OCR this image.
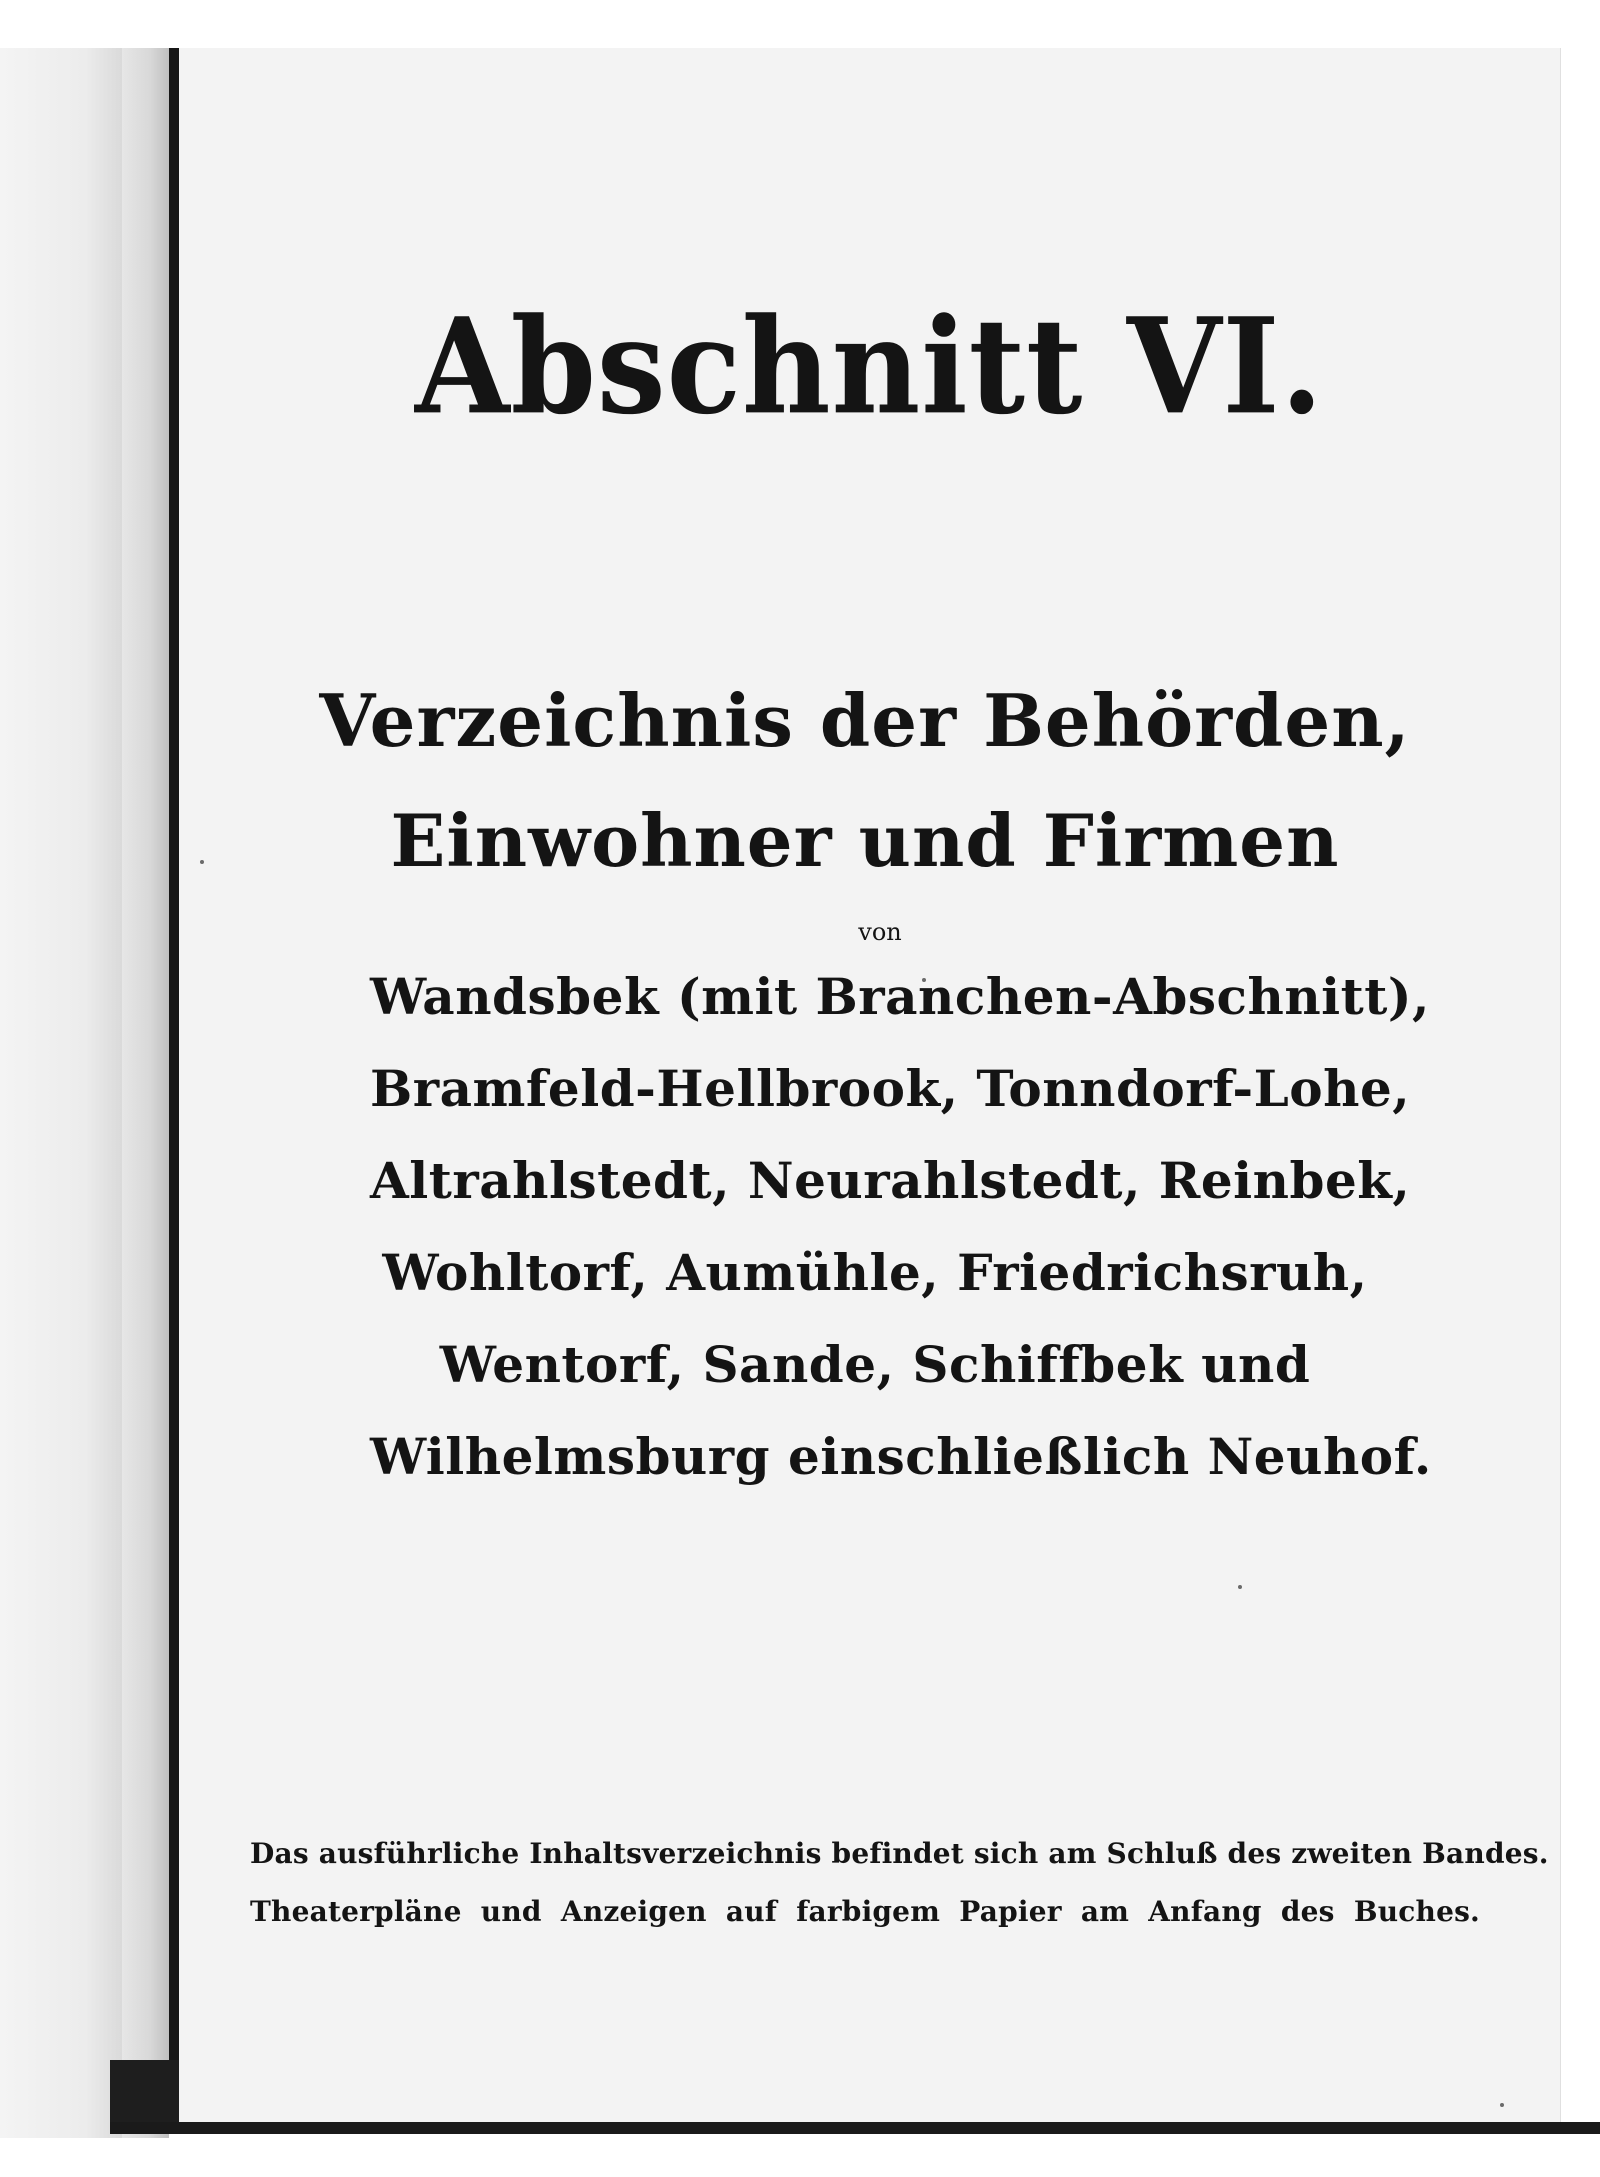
Abschnitt VI.
Verzeichnis der Behörden,
Einwohner und Firmen
von
Wandsbek (mit Branchen-Abschnitt),
Bramfeld-Hellbrook, Tonndorf-Lohe,
Altrahlstedt, Neurahlstedt, Reinbek,
Wohltorf, Aumühle, Friedrichsruh,
Wentorf, Sande, Schiffbek und
Wilhelmsburg einschließlich Neuhof.
Das ausführliche Inhaltsverzeichnis befindet sich am Schluß des zweiten Bandes.
Theaterpläne und Anzeigen auf farbigem Papier am Anfang des Buches.
